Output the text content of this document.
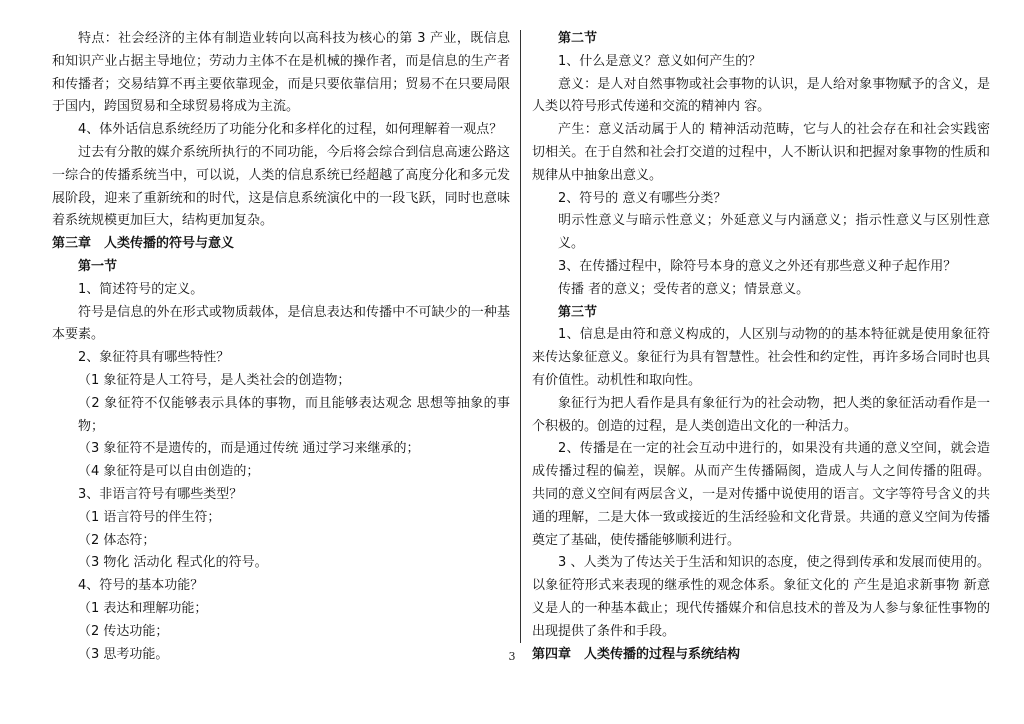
特点：社会经济的主体有制造业转向以高科技为核心的第 3 产业，既信息和知识产业占据主导地位；劳动力主体不在是机械的操作者，而是信息的生产者和传播者；交易结算不再主要依靠现金，而是只要依靠信用；贸易不在只要局限于国内，跨国贸易和全球贸易将成为主流。

4、体外话信息系统经历了功能分化和多样化的过程，如何理解着一观点？

过去有分散的媒介系统所执行的不同功能，今后将会综合到信息高速公路这一综合的传播系统当中，可以说，人类的信息系统已经超越了高度分化和多元发展阶段，迎来了重新统和的时代，这是信息系统演化中的一段飞跃，同时也意味着系统规模更加巨大，结构更加复杂。

第三章　人类传播的符号与意义

第一节

1、简述符号的定义。

符号是信息的外在形式或物质载体，是信息表达和传播中不可缺少的一种基本要素。

2、象征符具有哪些特性？

（1 象征符是人工符号，是人类社会的创造物；

（2 象征符不仅能够表示具体的事物，而且能够表达观念 思想等抽象的事物；

（3 象征符不是遗传的，而是通过传统 通过学习来继承的；

（4 象征符是可以自由创造的；

3、非语言符号有哪些类型？

（1 语言符号的伴生符；

（2 体态符；

（3 物化 活动化 程式化的符号。

4、符号的基本功能？

（1 表达和理解功能；

（2 传达功能；

（3 思考功能。

第二节

1、什么是意义？意义如何产生的？

意义：是人对自然事物或社会事物的认识，是人给对象事物赋予的含义，是人类以符号形式传递和交流的精神内 容。

产生：意义活动属于人的 精神活动范畴，它与人的社会存在和社会实践密切相关。在于自然和社会打交道的过程中，人不断认识和把握对象事物的性质和规律从中抽象出意义。

2、符号的 意义有哪些分类？

明示性意义与暗示性意义；外延意义与内涵意义；指示性意义与区别性意义。

3、在传播过程中，除符号本身的意义之外还有那些意义种子起作用？

传播 者的意义；受传者的意义；情景意义。

第三节

1、信息是由符和意义构成的，人区别与动物的的基本特征就是使用象征符来传达象征意义。象征行为具有智慧性。社会性和约定性，再许多场合同时也具有价值性。动机性和取向性。

象征行为把人看作是具有象征行为的社会动物，把人类的象征活动看作是一个积极的。创造的过程，是人类创造出文化的一种活力。

2、传播是在一定的社会互动中进行的，如果没有共通的意义空间，就会造成传播过程的偏差，误解。从而产生传播隔阂，造成人与人之间传播的阻碍。 共同的意义空间有两层含义，一是对传播中说使用的语言。文字等符号含义的共通的理解，二是大体一致或接近的生活经验和文化背景。共通的意义空间为传播奠定了基础，使传播能够顺利进行。

3 、人类为了传达关于生活和知识的态度，使之得到传承和发展而使用的。以象征符形式来表现的继承性的观念体系。象征文化的 产生是追求新事物 新意义是人的一种基本截止；现代传播媒介和信息技术的普及为人参与象征性事物的出现提供了条件和手段。

第四章　人类传播的过程与系统结构

3
